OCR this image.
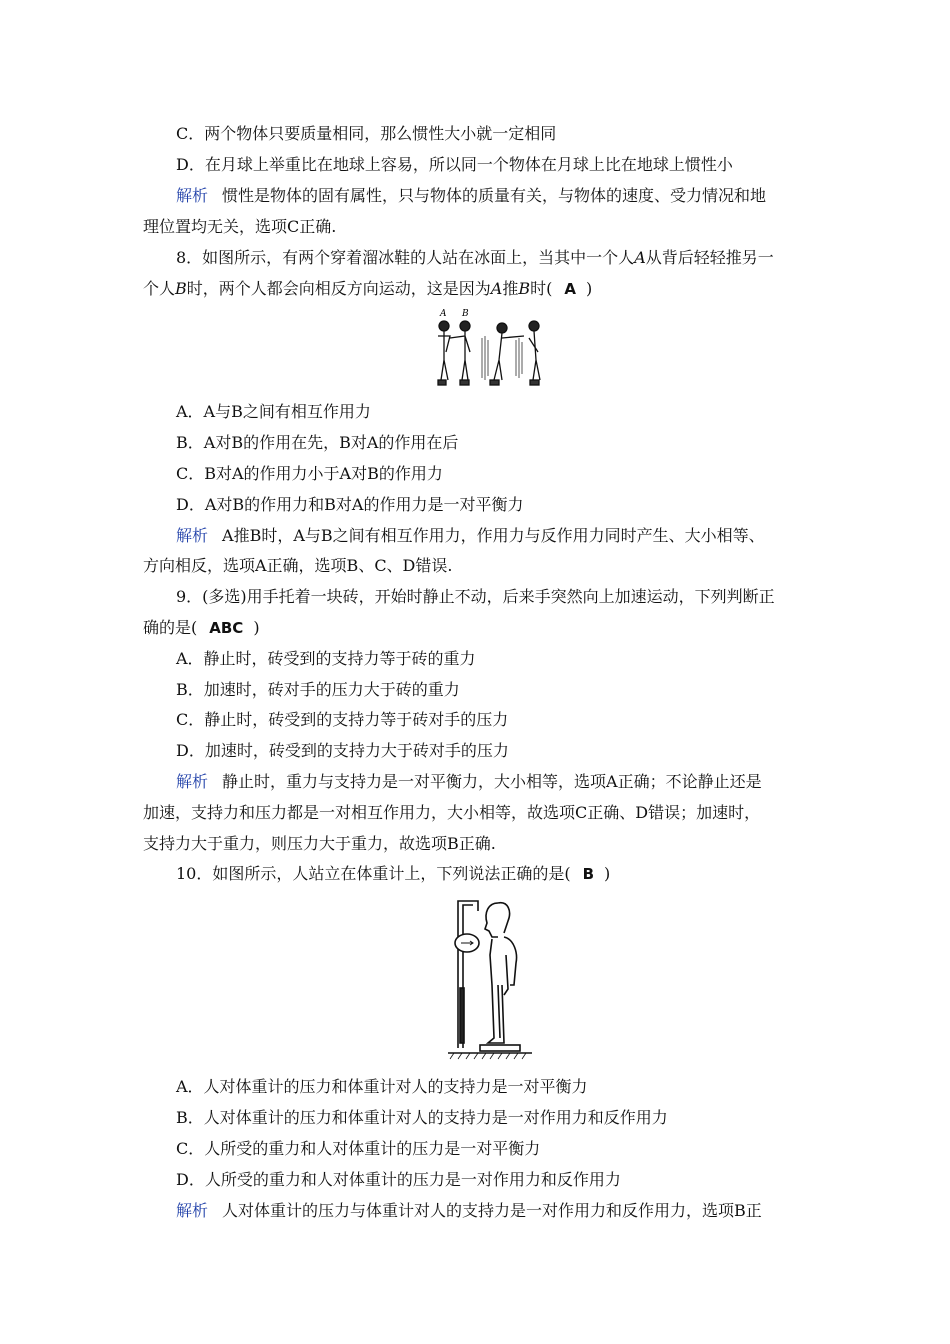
C．两个物体只要质量相同，那么惯性大小就一定相同
D．在月球上举重比在地球上容易，所以同一个物体在月球上比在地球上惯性小
解析 惯性是物体的固有属性，只与物体的质量有关，与物体的速度、受力情况和地
理位置均无关，选项C正确.
8．如图所示，有两个穿着溜冰鞋的人站在冰面上，当其中一个人A从背后轻轻推另一
个人B时，两个人都会向相反方向运动，这是因为A推B时( A )
A B
A．A与B之间有相互作用力
B．A对B的作用在先，B对A的作用在后
C．B对A的作用力小于A对B的作用力
D．A对B的作用力和B对A的作用力是一对平衡力
解析 A推B时，A与B之间有相互作用力，作用力与反作用力同时产生、大小相等、
方向相反，选项A正确，选项B、C、D错误.
9．(多选)用手托着一块砖，开始时静止不动，后来手突然向上加速运动，下列判断正
确的是( ABC )
A．静止时，砖受到的支持力等于砖的重力
B．加速时，砖对手的压力大于砖的重力
C．静止时，砖受到的支持力等于砖对手的压力
D．加速时，砖受到的支持力大于砖对手的压力
解析 静止时，重力与支持力是一对平衡力，大小相等，选项A正确；不论静止还是
加速，支持力和压力都是一对相互作用力，大小相等，故选项C正确、D错误；加速时，
支持力大于重力，则压力大于重力，故选项B正确.
10．如图所示，人站立在体重计上，下列说法正确的是( B )
A．人对体重计的压力和体重计对人的支持力是一对平衡力
B．人对体重计的压力和体重计对人的支持力是一对作用力和反作用力
C．人所受的重力和人对体重计的压力是一对平衡力
D．人所受的重力和人对体重计的压力是一对作用力和反作用力
解析 人对体重计的压力与体重计对人的支持力是一对作用力和反作用力，选项B正
